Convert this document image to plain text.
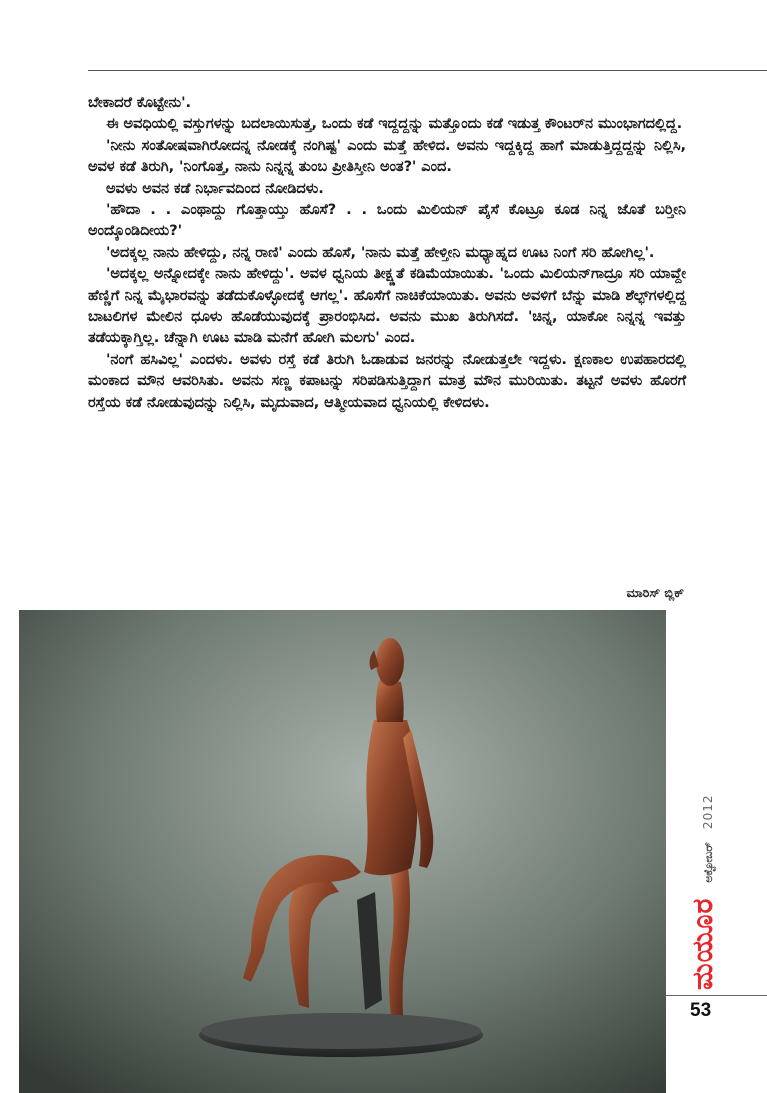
ಬೇಕಾದರೆ ಕೊಟ್ಟೇನು'.

ಈ ಅವಧಿಯಲ್ಲಿ ವಸ್ತುಗಳನ್ನು ಬದಲಾಯಿಸುತ್ತ, ಒಂದು ಕಡೆ ಇದ್ದದ್ದನ್ನು ಮತ್ತೊಂದು ಕಡೆ ಇಡುತ್ತ ಕೌಂಟರ್‌ನ ಮುಂಭಾಗದಲ್ಲಿದ್ದ.

'ನೀನು ಸಂತೋಷವಾಗಿರೋದನ್ನ ನೋಡಕ್ಕೆ ನಂಗಿಷ್ಟ' ಎಂದು ಮತ್ತೆ ಹೇಳಿದ. ಅವನು ಇದ್ದಕ್ಕಿದ್ದ ಹಾಗೆ ಮಾಡುತ್ತಿದ್ದದ್ದನ್ನು ನಿಲ್ಲಿಸಿ, ಅವಳ ಕಡೆ ತಿರುಗಿ, 'ನಿಂಗೊತ್ತ, ನಾನು ನಿನ್ನನ್ನ ತುಂಬ ಪ್ರೀತಿಸ್ತೀನಿ ಅಂತ?' ಎಂದ.

ಅವಳು ಅವನ ಕಡೆ ನಿರ್ಭಾವದಿಂದ ನೋಡಿದಳು.

'ಹೌದಾ . . ಎಂಥಾದ್ದು ಗೊತ್ತಾಯ್ತು ಹೊಸೆ? . . ಒಂದು ಮಿಲಿಯನ್ ಪೈಸೆ ಕೊಟ್ರೂ ಕೂಡ ನಿನ್ನ ಜೊತೆ ಬರ್‍ತೀನಿ ಅಂದ್ಕೊಂಡಿದೀಯ?'

'ಅದಕ್ಕಲ್ಲ ನಾನು ಹೇಳಿದ್ದು, ನನ್ನ ರಾಣಿ' ಎಂದು ಹೊಸೆ, 'ನಾನು ಮತ್ತೆ ಹೇಳ್ತೀನಿ ಮಧ್ಯಾಹ್ನದ ಊಟ ನಿಂಗೆ ಸರಿ ಹೋಗಿಲ್ಲ'.

'ಅದಕ್ಕಲ್ಲ ಅನ್ನೋದಕ್ಕೇ ನಾನು ಹೇಳಿದ್ದು'. ಅವಳ ಧ್ವನಿಯ ತೀಕ್ಷ್ಣತೆ ಕಡಿಮೆಯಾಯಿತು. 'ಒಂದು ಮಿಲಿಯನ್‌ಗಾದ್ರೂ ಸರಿ ಯಾವ್ದೇ ಹೆಣ್ಣಿಗೆ ನಿನ್ನ ಮೈಭಾರವನ್ನು ತಡೆದುಕೊಳ್ಳೋದಕ್ಕೆ ಆಗಲ್ಲ'. ಹೊಸೆಗೆ ನಾಚಿಕೆಯಾಯಿತು. ಅವನು ಅವಳಿಗೆ ಬೆನ್ನು ಮಾಡಿ ಶೆಲ್ಫ್‌ಗಳಲ್ಲಿದ್ದ ಬಾಟಲಿಗಳ ಮೇಲಿನ ಧೂಳು ಹೊಡೆಯುವುದಕ್ಕೆ ಪ್ರಾರಂಭಿಸಿದ. ಅವನು ಮುಖ ತಿರುಗಿಸದೆ. 'ಚಿನ್ನ, ಯಾಕೋ ನಿನ್ನನ್ನ ಇವತ್ತು ತಡೆಯಕ್ಕಾಗ್ತಿಲ್ಲ. ಚೆನ್ನಾಗಿ ಊಟ ಮಾಡಿ ಮನೆಗೆ ಹೋಗಿ ಮಲಗು' ಎಂದ.

'ನಂಗೆ ಹಸಿವಿಲ್ಲ' ಎಂದಳು. ಅವಳು ರಸ್ತೆ ಕಡೆ ತಿರುಗಿ ಓಡಾಡುವ ಜನರನ್ನು ನೋಡುತ್ತಲೇ ಇದ್ದಳು. ಕ್ಷಣಕಾಲ ಉಪಹಾರದಲ್ಲಿ ಮಂಕಾದ ಮೌನ ಆವರಿಸಿತು. ಅವನು ಸಣ್ಣ ಕಪಾಟನ್ನು ಸರಿಪಡಿಸುತ್ತಿದ್ದಾಗ ಮಾತ್ರ ಮೌನ ಮುರಿಯಿತು. ತಟ್ಟನೆ ಅವಳು ಹೊರಗೆ ರಸ್ತೆಯ ಕಡೆ ನೋಡುವುದನ್ನು ನಿಲ್ಲಿಸಿ, ಮೃದುವಾದ, ಆತ್ಮೀಯವಾದ ಧ್ವನಿಯಲ್ಲಿ ಕೇಳಿದಳು.

ಮಾರಿಸ್ ಬ್ಲಿಕ್
ಮಯೂರ ಅಕ್ಟೋಬರ್ 2012
53
